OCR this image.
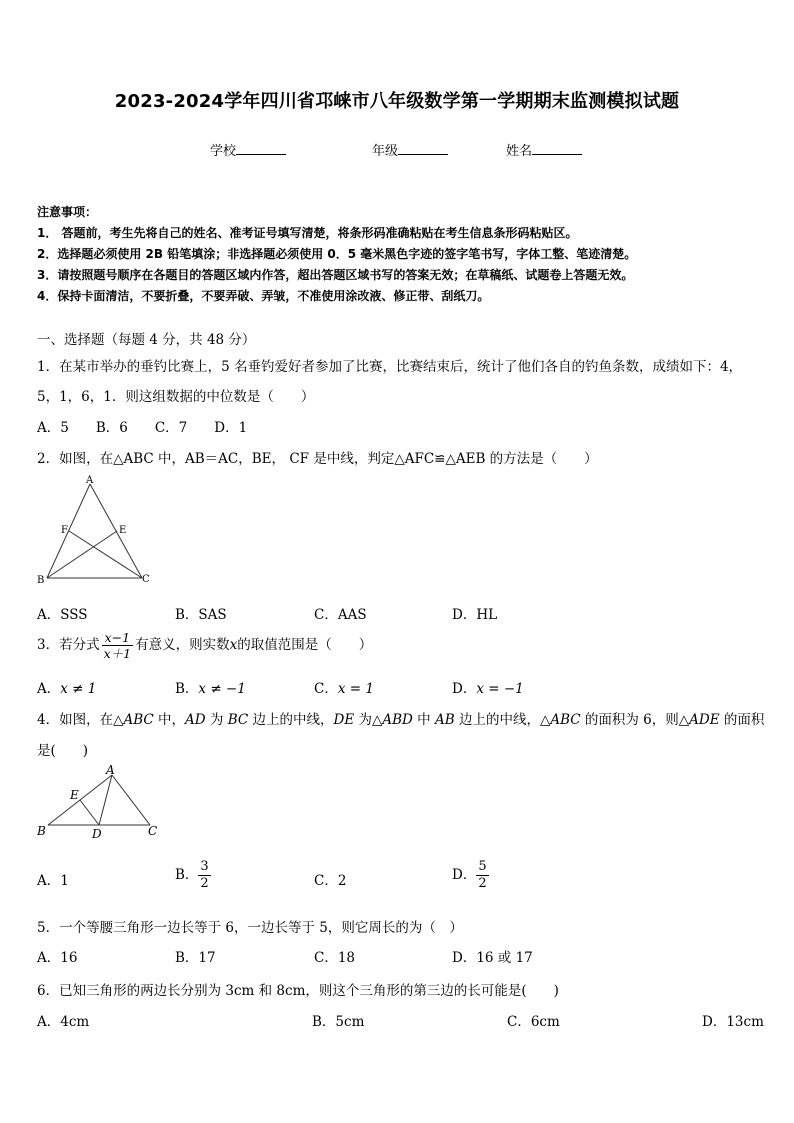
2023-2024学年四川省邛崃市八年级数学第一学期期末监测模拟试题
学校	年级	姓名
注意事项：
1． 答题前，考生先将自己的姓名、准考证号填写清楚，将条形码准确粘贴在考生信息条形码粘贴区。
2．选择题必须使用 2B 铅笔填涂；非选择题必须使用 0．5 毫米黑色字迹的签字笔书写，字体工整、笔迹清楚。
3．请按照题号顺序在各题目的答题区域内作答，超出答题区域书写的答案无效；在草稿纸、试题卷上答题无效。
4．保持卡面清洁，不要折叠，不要弄破、弄皱，不准使用涂改液、修正带、刮纸刀。
一、选择题（每题 4 分，共 48 分）
1．在某市举办的垂钓比赛上，5 名垂钓爱好者参加了比赛，比赛结束后，统计了他们各自的钓鱼条数，成绩如下：4，
5，1，6，1．则这组数据的中位数是（　　）
A．5　　B．6　　C．7　　D．1
2．如图，在△ABC 中，AB＝AC，BE， CF 是中线，判定△AFC≌△AEB 的方法是（　　）
A
B	C
E
F
A．SSS	B．SAS	C．AAS	D．HL
3．若分式 $\frac{x-1}{x+1}$ 有意义，则实数x的取值范围是（　　）
A．x ≠ 1	B．x ≠ −1	C．x = 1	D．x = −1
4．如图，在△ABC 中，AD 为 BC 边上的中线，DE 为△ABD 中 AB 边上的中线，△ABC 的面积为 6，则△ADE 的面积
是(　　)
A
B	C
D
E
A．1	B． $\frac{3}{2}$	C．2	D． $\frac{5}{2}$
5．一个等腰三角形一边长等于 6，一边长等于 5，则它周长的为（　）
A．16	B．17	C．18	D．16 或 17
6．已知三角形的两边长分别为 3cm 和 8cm，则这个三角形的第三边的长可能是(　　)
A．4cm	B．5cm	C．6cm	D．13cm
